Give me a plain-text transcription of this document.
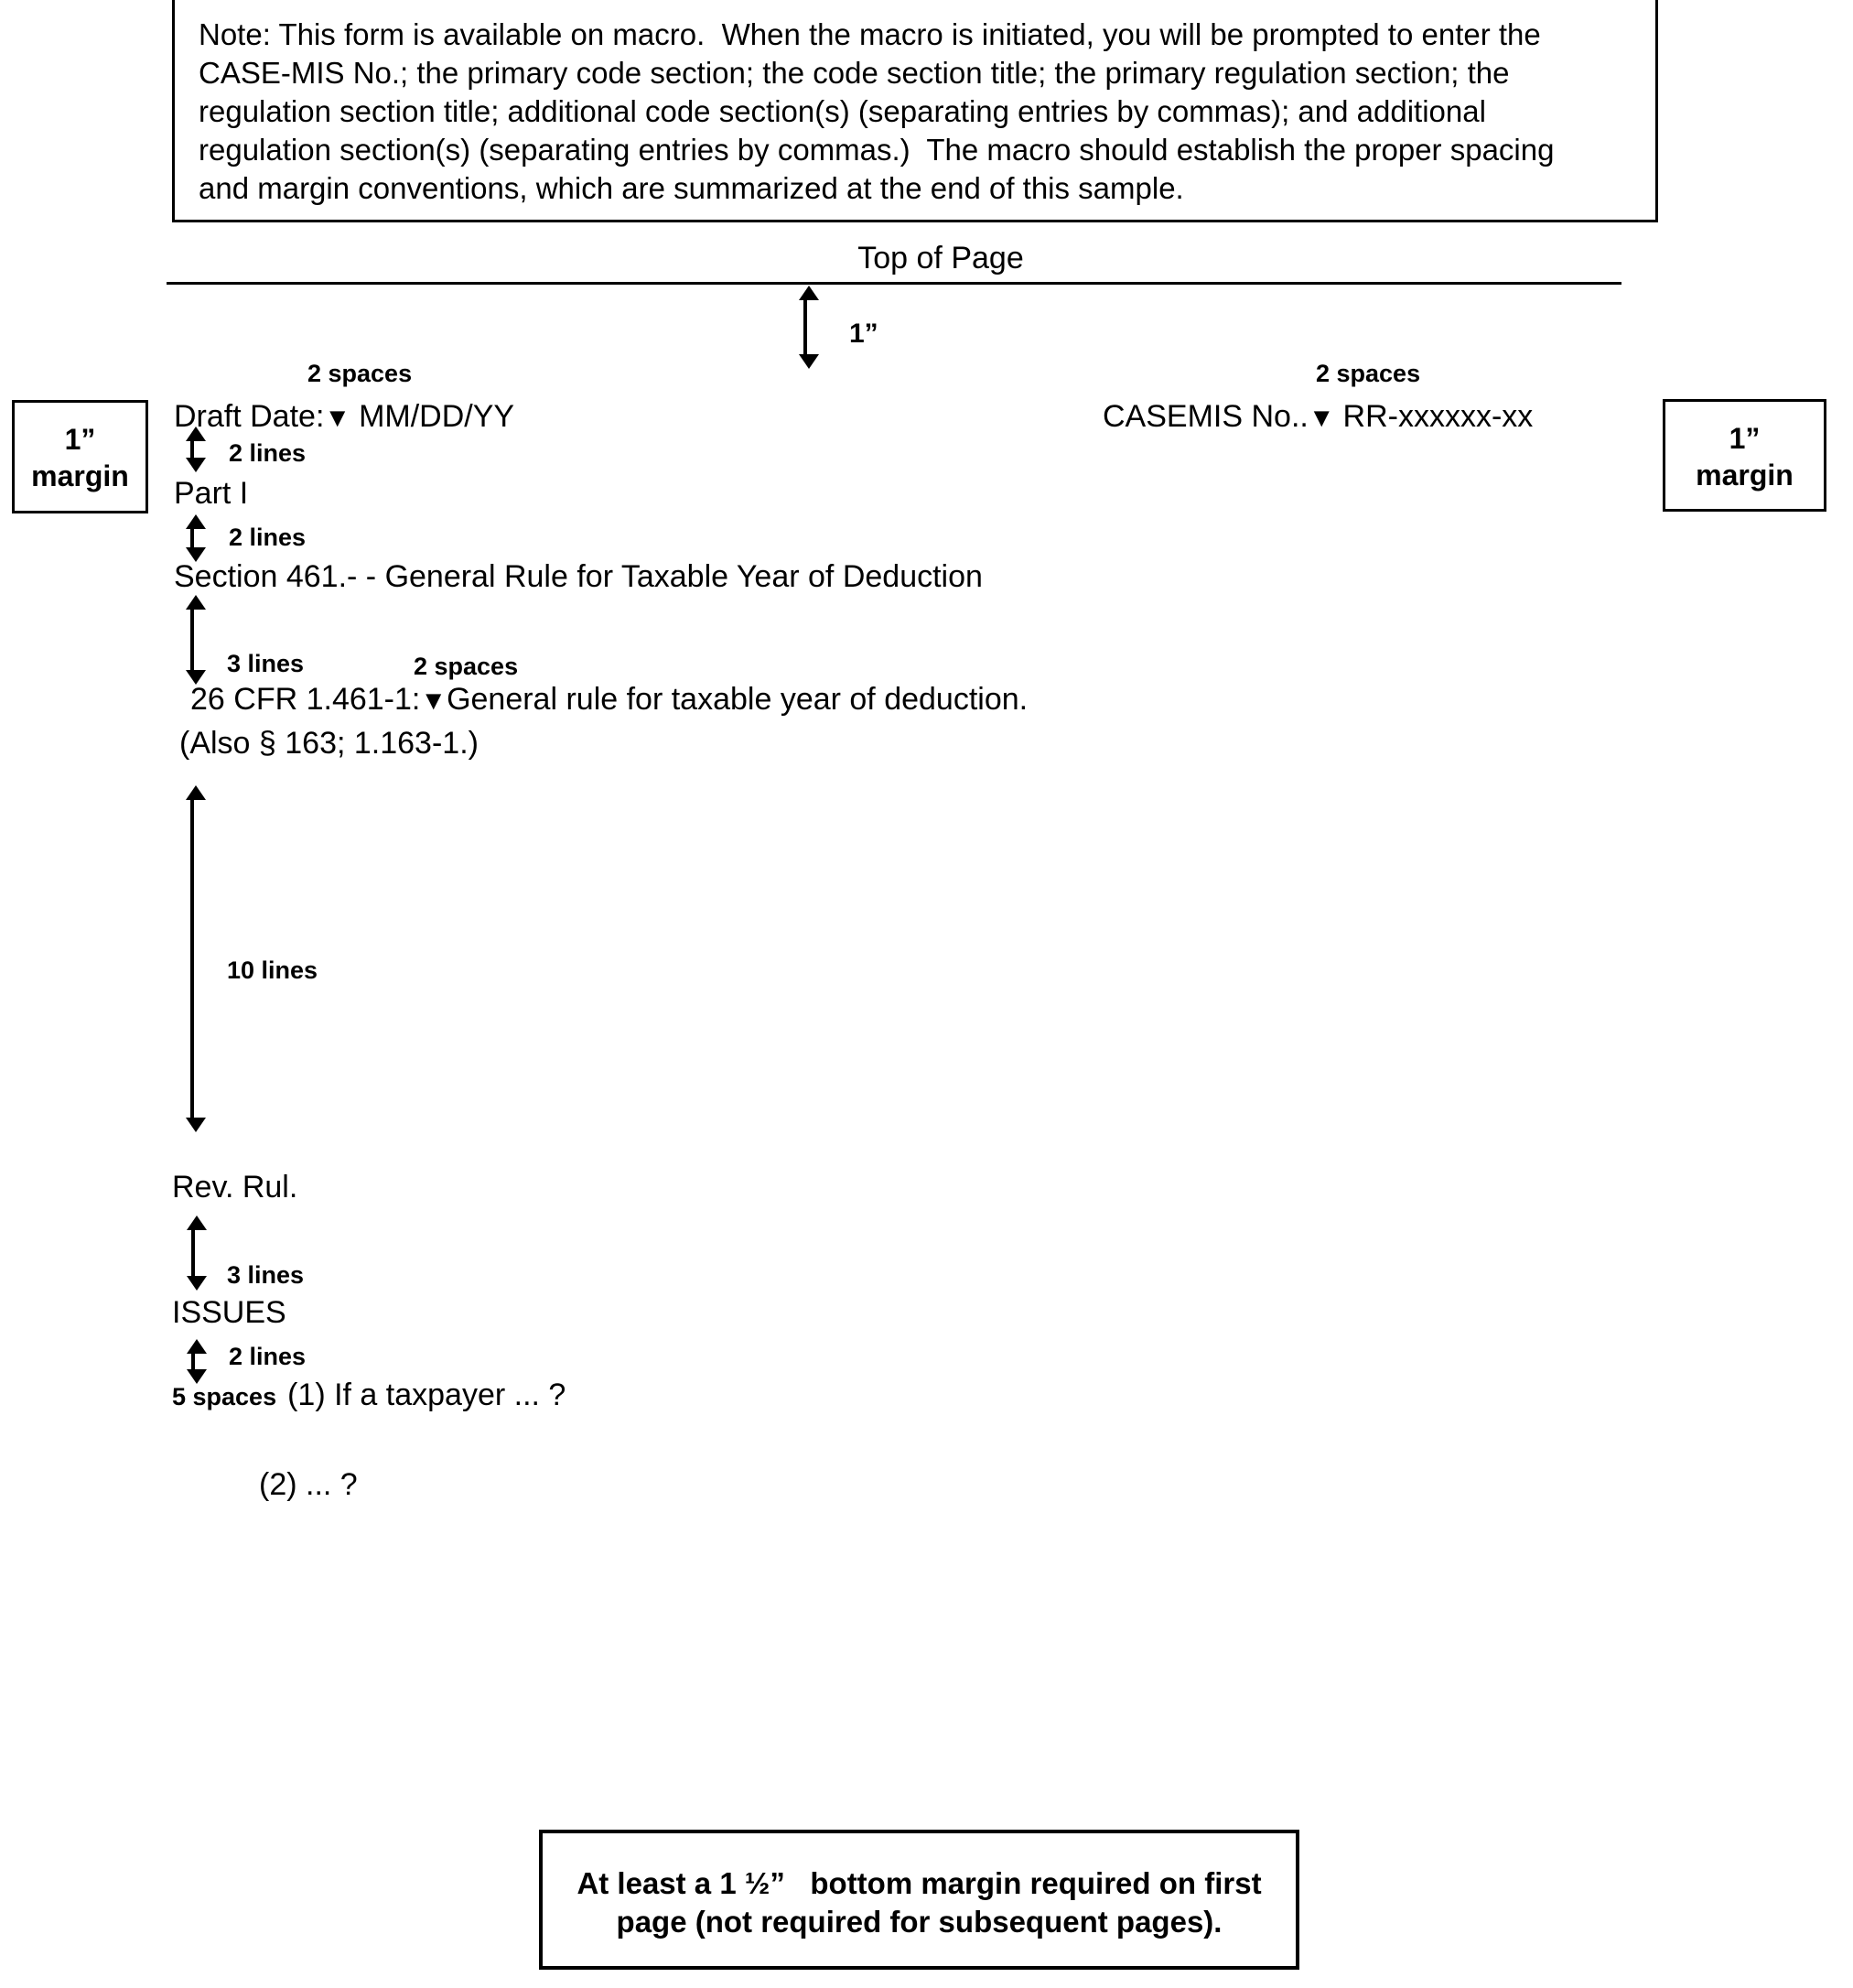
Note: This form is available on macro.  When the macro is initiated, you will be prompted to enter the
CASE-MIS No.; the primary code section; the code section title; the primary regulation section; the
regulation section title; additional code section(s) (separating entries by commas); and additional
regulation section(s) (separating entries by commas.)  The macro should establish the proper spacing
and margin conventions, which are summarized at the end of this sample.
Top of Page
1”
1”
margin
1”
margin
2 spaces
Draft Date:▼ MM/DD/YY
2 spaces
CASEMIS No..▼ RR-xxxxxx-xx
2 lines
Part I
2 lines
Section 461.- - General Rule for Taxable Year of Deduction
3 lines	2 spaces
26 CFR 1.461-1:▼General rule for taxable year of deduction.
(Also § 163; 1.163-1.)
10 lines
Rev. Rul.
3 lines
ISSUES
2 lines
5 spaces (1) If a taxpayer ... ?
(2) ... ?
At least a 1 ½”   bottom margin required on first
page (not required for subsequent pages).
